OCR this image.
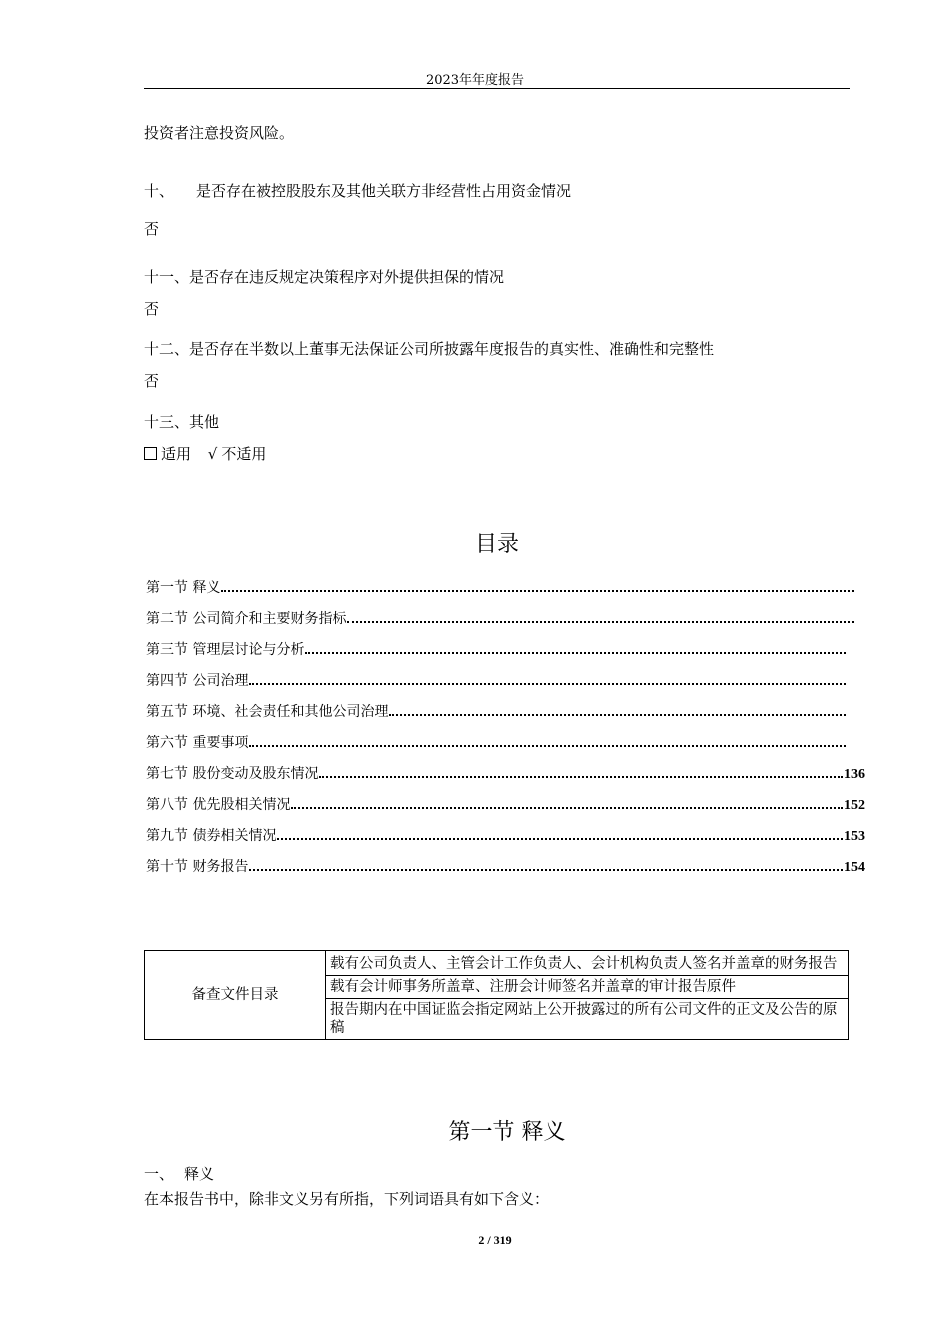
2023年年度报告
投资者注意投资风险。
十、 是否存在被控股股东及其他关联方非经营性占用资金情况
否
十一、是否存在违反规定决策程序对外提供担保的情况
否
十二、是否存在半数以上董事无法保证公司所披露年度报告的真实性、准确性和完整性
否
十三、其他
适用 √ 不适用
目录
第一节 释义
第二节 公司简介和主要财务指标
第三节 管理层讨论与分析
第四节 公司治理
第五节 环境、社会责任和其他公司治理
第六节 重要事项
第七节 股份变动及股东情况	136
第八节 优先股相关情况	152
第九节 债券相关情况	153
第十节 财务报告	154
备查文件目录	载有公司负责人、主管会计工作负责人、会计机构负责人签名并盖章的财务报告
载有会计师事务所盖章、注册会计师签名并盖章的审计报告原件
报告期内在中国证监会指定网站上公开披露过的所有公司文件的正文及公告的原稿
第一节 释义
一、 释义
在本报告书中，除非文义另有所指，下列词语具有如下含义：
2 / 319
